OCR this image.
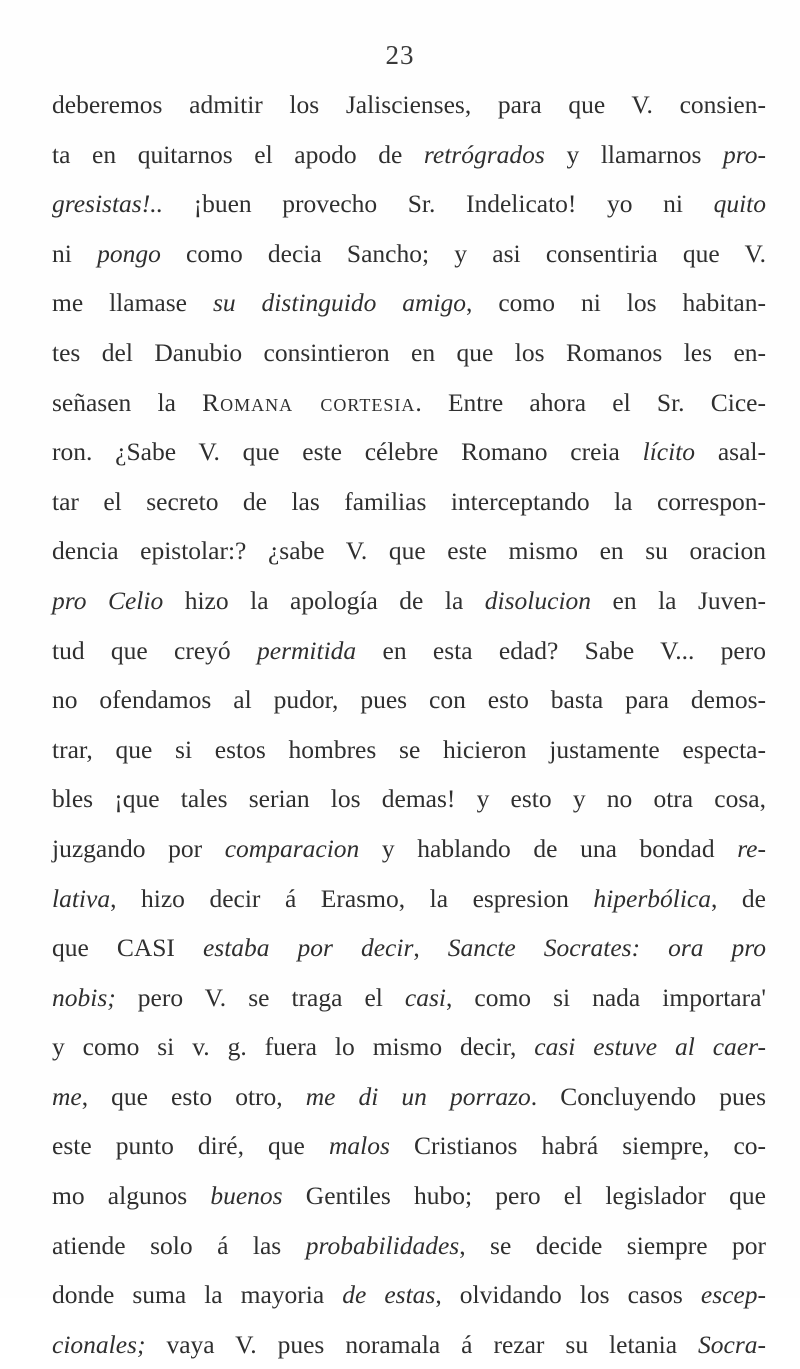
23
deberemos admitir los Jaliscienses, para que V. consien-
ta en quitarnos el apodo de retrógrados y llamarnos pro-
gresistas!.. ¡buen provecho Sr. Indelicato! yo ni quito
ni pongo como decia Sancho; y asi consentiria que V.
me llamase su distinguido amigo, como ni los habitan-
tes del Danubio consintieron en que los Romanos les en-
señasen la Romana cortesia. Entre ahora el Sr. Cice-
ron. ¿Sabe V. que este célebre Romano creia lícito asal-
tar el secreto de las familias interceptando la correspon-
dencia epistolar:? ¿sabe V. que este mismo en su oracion
pro Celio hizo la apología de la disolucion en la Juven-
tud que creyó permitida en esta edad? Sabe V... pero
no ofendamos al pudor, pues con esto basta para demos-
trar, que si estos hombres se hicieron justamente especta-
bles ¡que tales serian los demas! y esto y no otra cosa,
juzgando por comparacion y hablando de una bondad re-
lativa, hizo decir á Erasmo, la espresion hiperbólica, de
que CASI estaba por decir, Sancte Socrates: ora pro
nobis; pero V. se traga el casi, como si nada importara'
y como si v. g. fuera lo mismo decir, casi estuve al caer-
me, que esto otro, me di un porrazo. Concluyendo pues
este punto diré, que malos Cristianos habrá siempre, co-
mo algunos buenos Gentiles hubo; pero el legislador que
atiende solo á las probabilidades, se decide siempre por
donde suma la mayoria de estas, olvidando los casos escep-
cionales; vaya V. pues noramala á rezar su letania Socra-
